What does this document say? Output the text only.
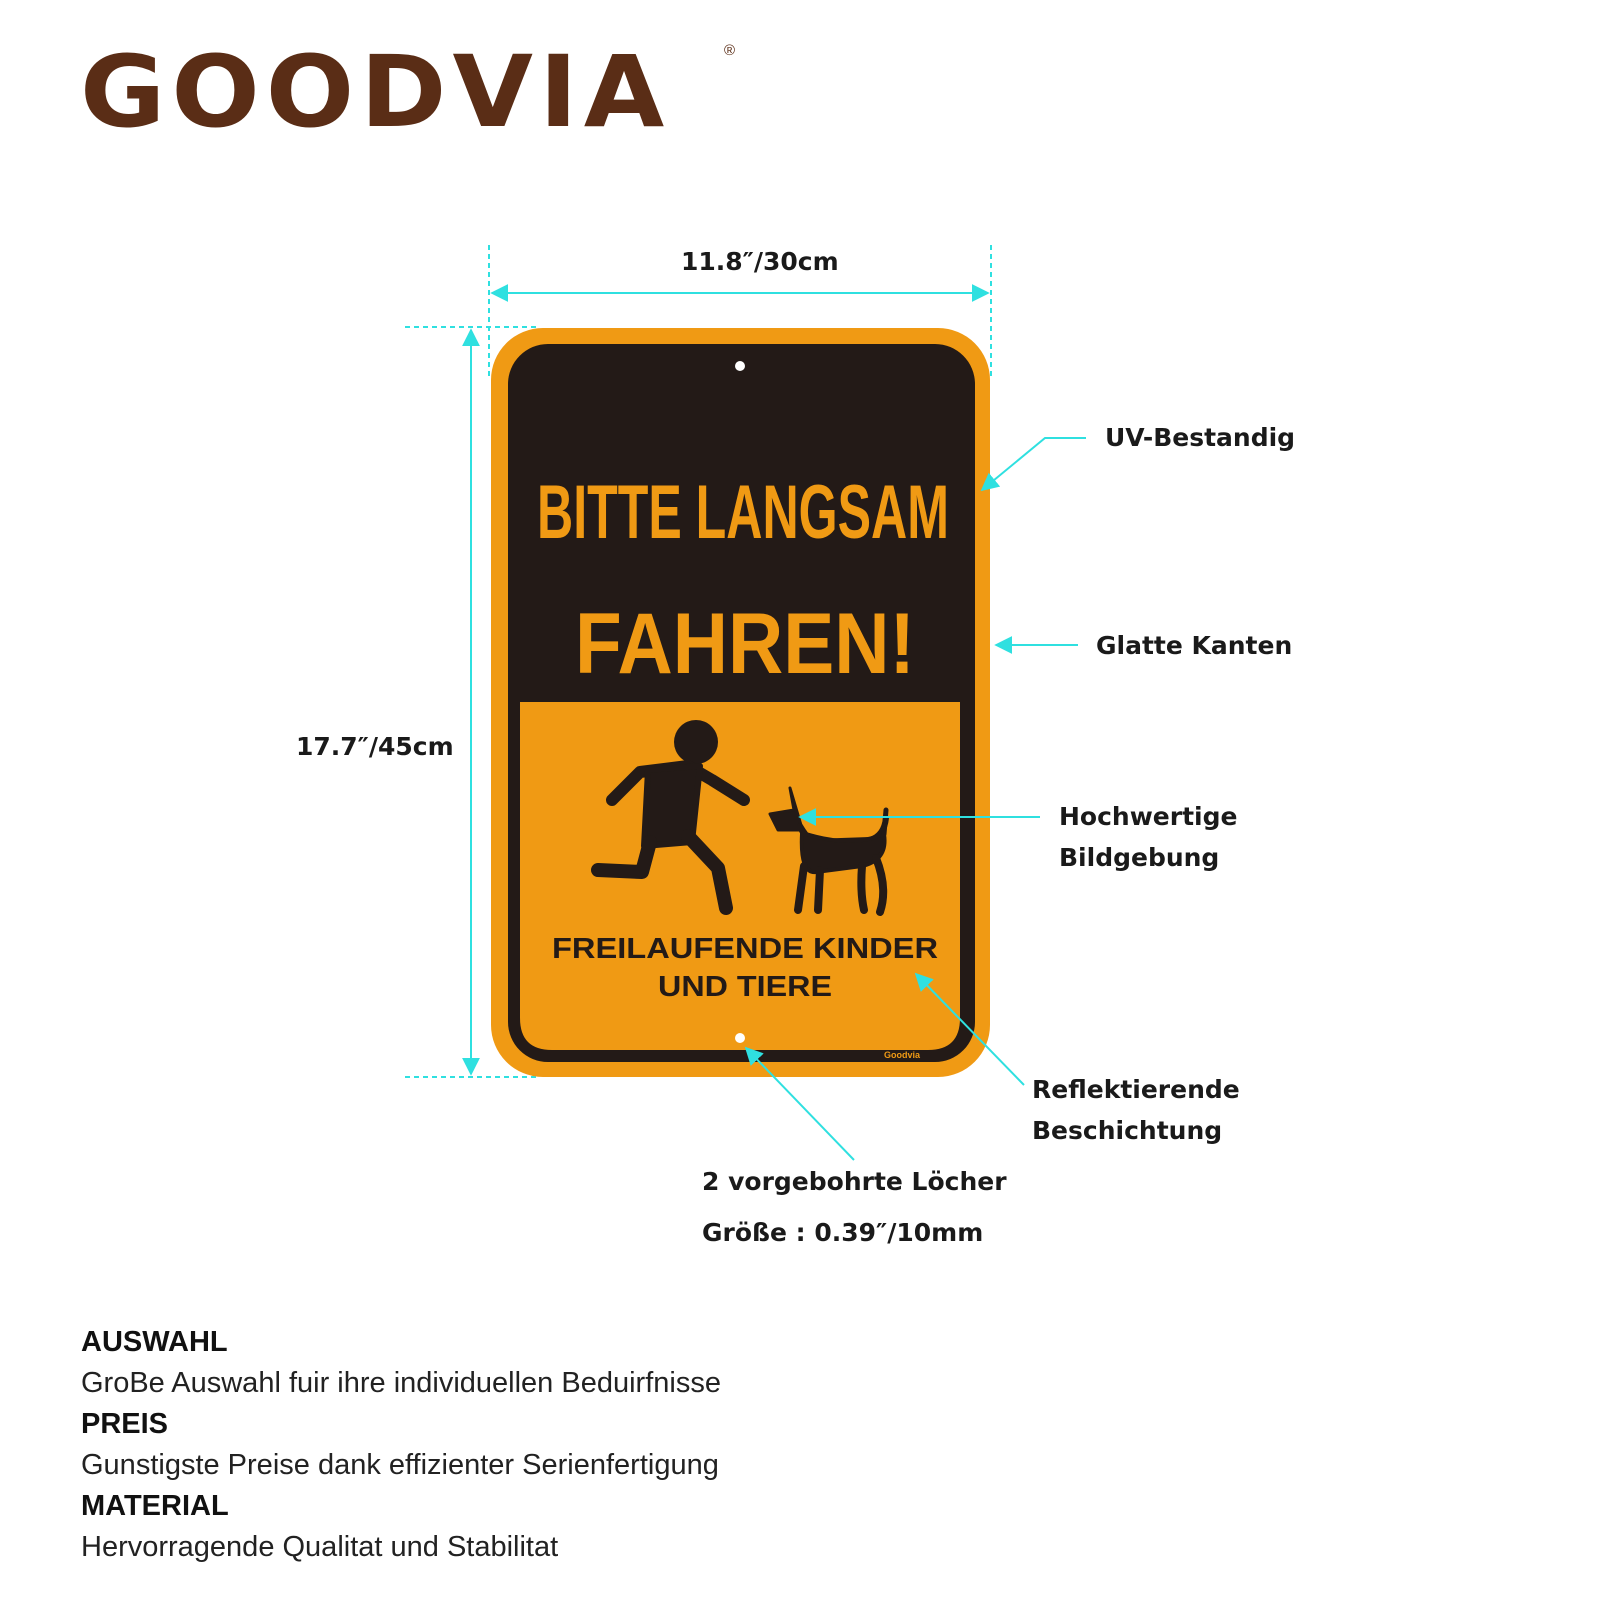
GOODVIA	®
BITTE LANGSAM
FAHREN!
FREILAUFENDE KINDER
UND TIERE
Goodvia
11.8″/30cm
17.7″/45cm
UV-Bestandig
Glatte Kanten
Hochwertige
Bildgebung
Reflektierende
Beschichtung
2 vorgebohrte Löcher
Größe : 0.39″/10mm
AUSWAHL
GroBe Auswahl fuir ihre individuellen Beduirfnisse
PREIS
Gunstigste Preise dank effizienter Serienfertigung
MATERIAL
Hervorragende Qualitat und Stabilitat
